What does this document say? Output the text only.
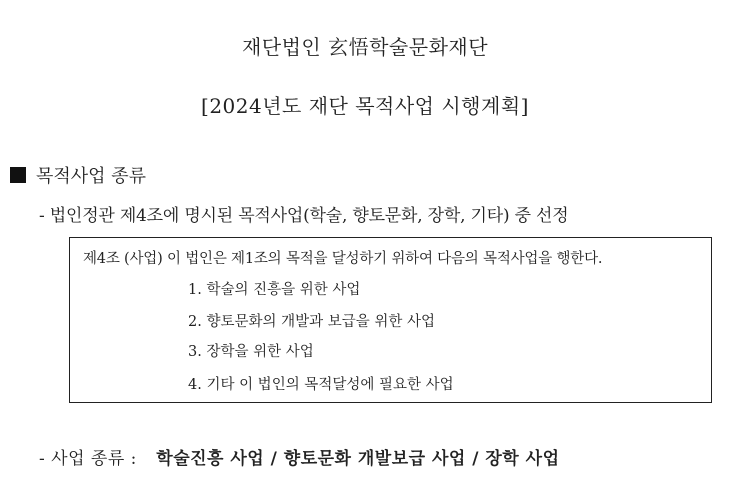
재단법인 玄悟학술문화재단
[2024년도 재단 목적사업 시행계획]
목적사업 종류
- 법인정관 제4조에 명시된 목적사업(학술, 향토문화, 장학, 기타) 중 선정
제4조 (사업) 이 법인은 제1조의 목적을 달성하기 위하여 다음의 목적사업을 행한다.
1. 학술의 진흥을 위한 사업
2. 향토문화의 개발과 보급을 위한 사업
3. 장학을 위한 사업
4. 기타 이 법인의 목적달성에 필요한 사업
- 사업 종류 : 학술진흥 사업 / 향토문화 개발보급 사업 / 장학 사업
